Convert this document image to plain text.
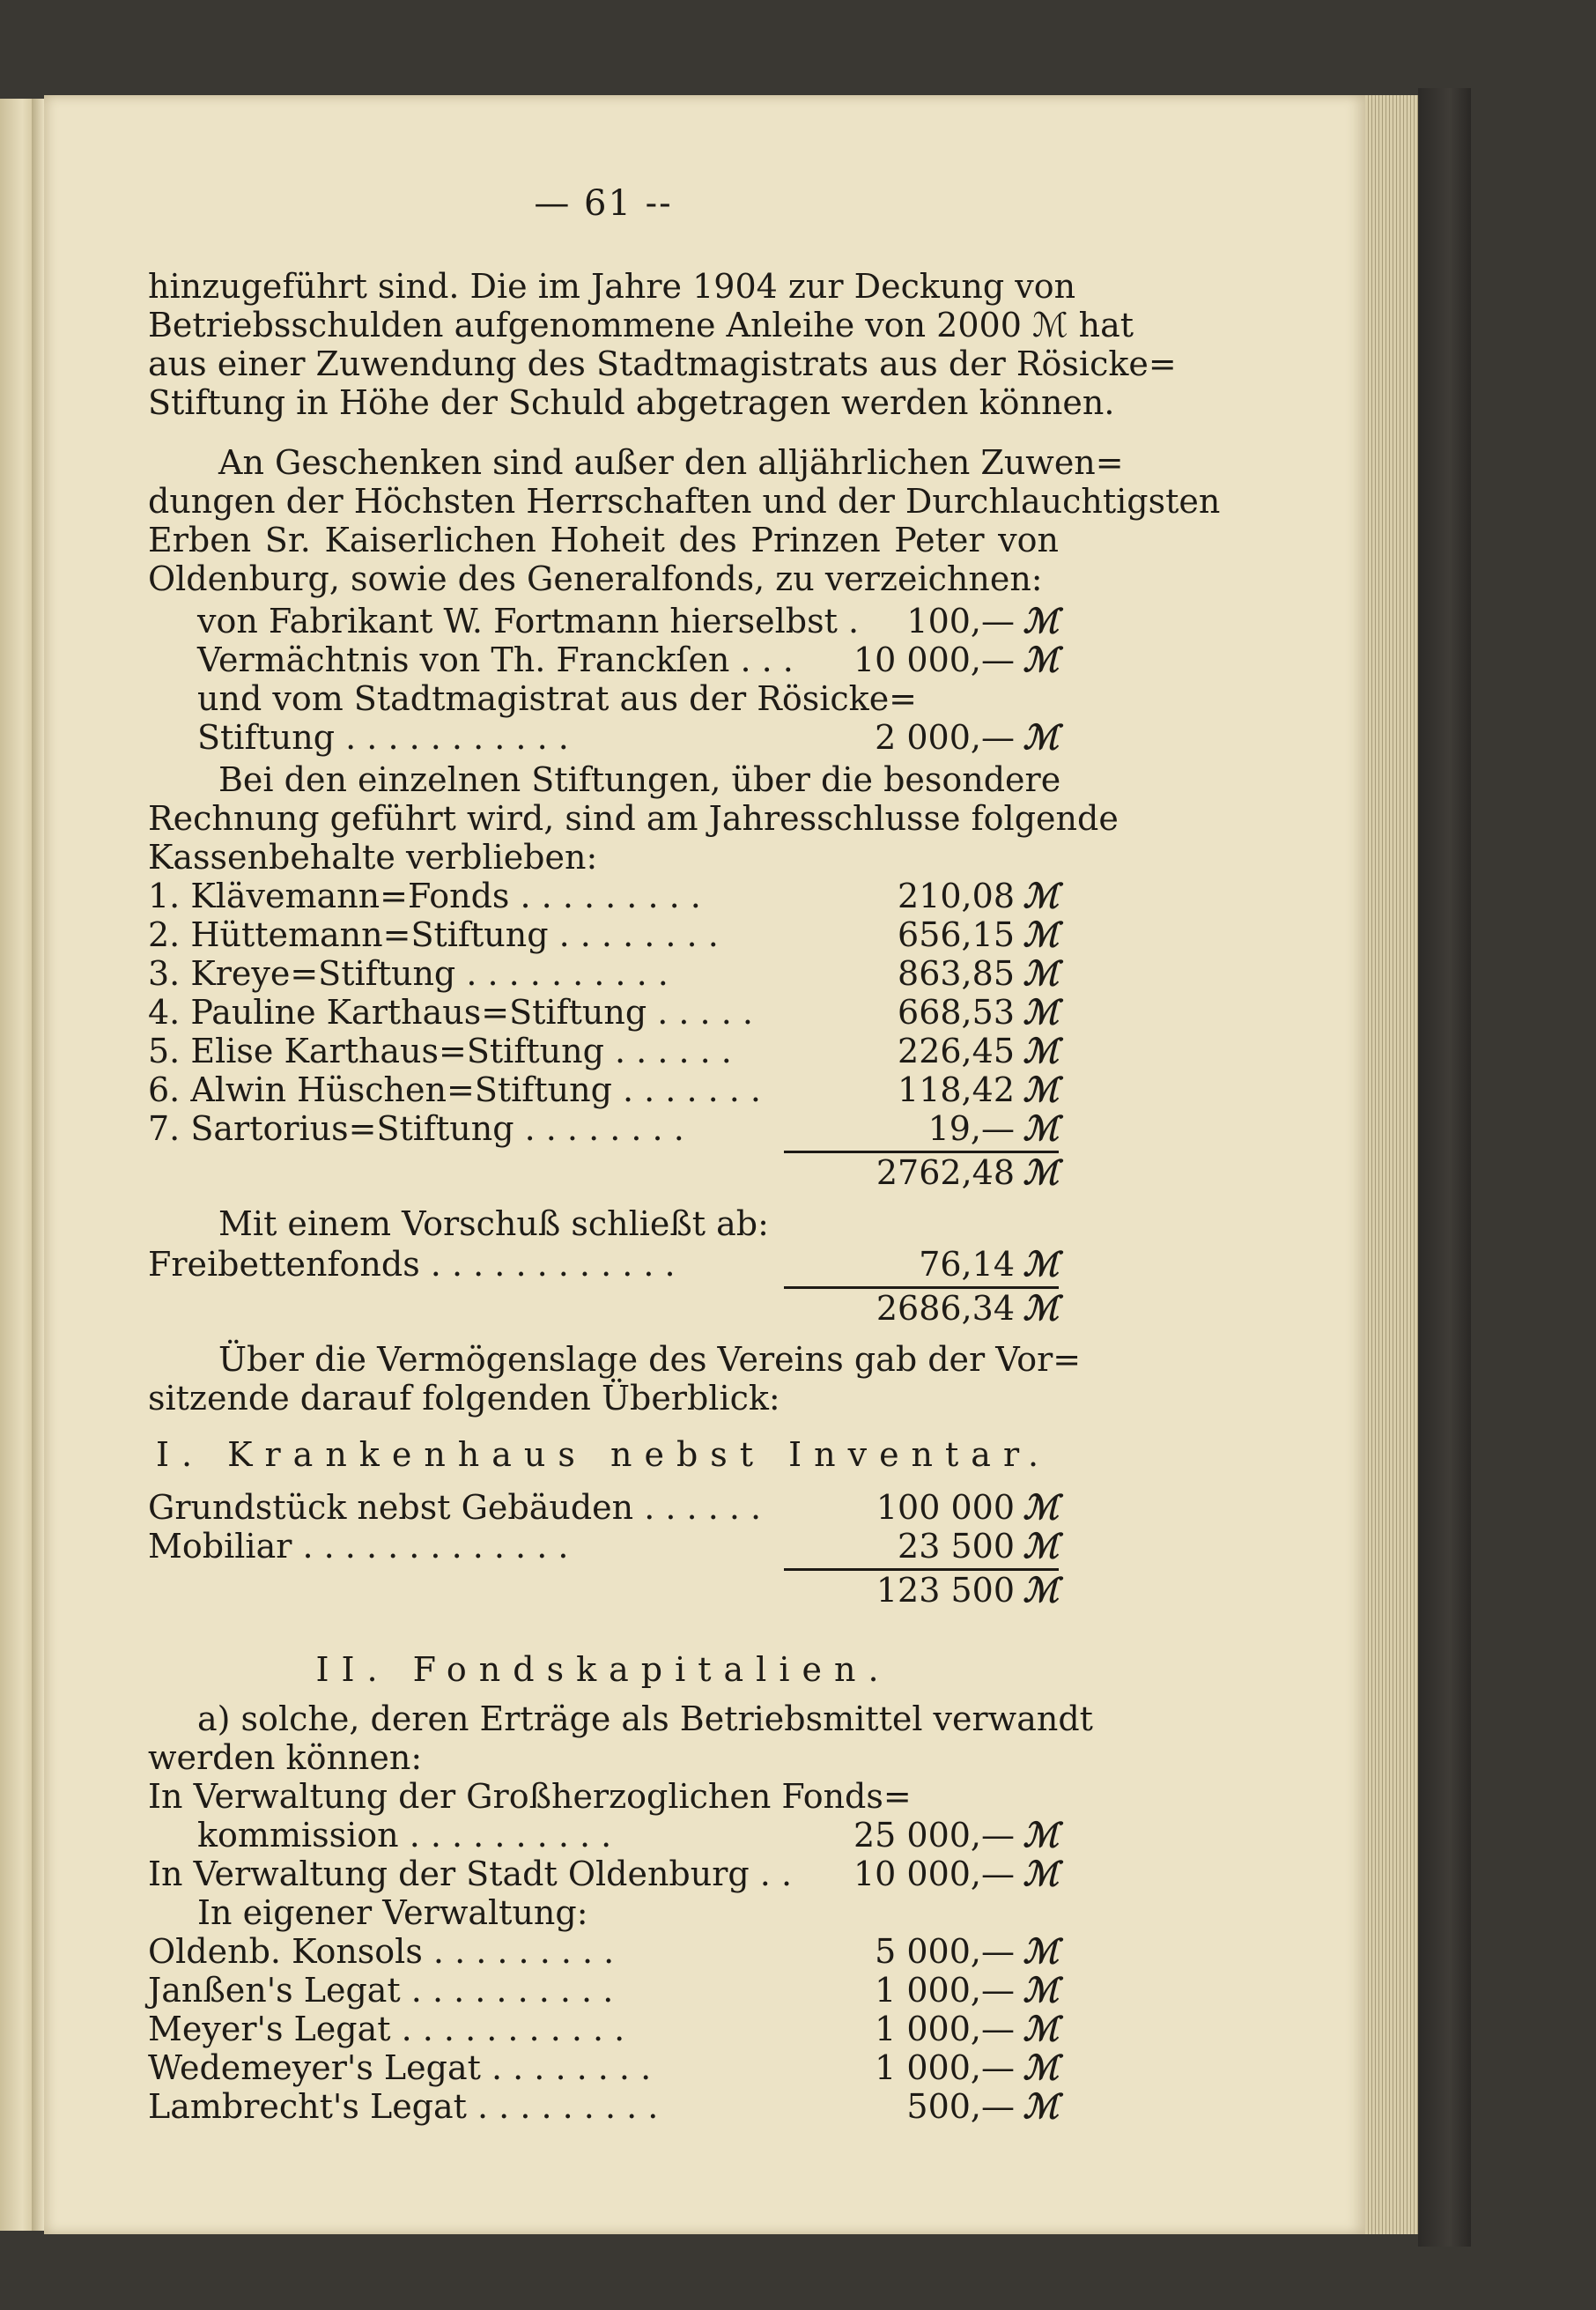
— 61 --
hinzugeführt sind. Die im Jahre 1904 zur Deckung von
Betriebsschulden aufgenommene Anleihe von 2000 ℳ hat
aus einer Zuwendung des Stadtmagistrats aus der Rösicke=
Stiftung in Höhe der Schuld abgetragen werden können.
An Geschenken sind außer den alljährlichen Zuwen=
dungen der Höchsten Herrschaften und der Durchlauchtigsten
Erben Sr. Kaiserlichen Hoheit des Prinzen Peter von
Oldenburg, sowie des Generalfonds, zu verzeichnen:
von Fabrikant W. Fortmann hierselbst . 100,— ℳ
Vermächtnis von Th. Franckſen . . . 10 000,— ℳ
und vom Stadtmagistrat aus der Rösicke=
Stiftung . . . . . . . . . . .	2 000,— ℳ
Bei den einzelnen Stiftungen, über die besondere
Rechnung geführt wird, sind am Jahresschlusse folgende
Kassenbehalte verblieben:
1. Klävemann=Fonds . . . . . . . . .	210,08 ℳ
2. Hüttemann=Stiftung . . . . . . . .	656,15 ℳ
3. Kreye=Stiftung . . . . . . . . . .	863,85 ℳ
4. Pauline Karthaus=Stiftung . . . . .	668,53 ℳ
5. Elise Karthaus=Stiftung . . . . . .	226,45 ℳ
6. Alwin Hüschen=Stiftung . . . . . . .	118,42 ℳ
7. Sartorius=Stiftung . . . . . . . .	19,— ℳ
2762,48 ℳ
Mit einem Vorschuß schließt ab:
Freibettenfonds . . . . . . . . . . . .	76,14 ℳ
2686,34 ℳ
Über die Vermögenslage des Vereins gab der Vor=
sitzende darauf folgenden Überblick:
I. Krankenhaus nebst Inventar.
Grundstück nebst Gebäuden . . . . . .	100 000 ℳ
Mobiliar . . . . . . . . . . . . .	23 500 ℳ
123 500 ℳ
II. Fondskapitalien.
a) solche, deren Erträge als Betriebsmittel verwandt
werden können:
In Verwaltung der Großherzoglichen Fonds=
kommission . . . . . . . . . .	25 000,— ℳ
In Verwaltung der Stadt Oldenburg . . 10 000,— ℳ
In eigener Verwaltung:
Oldenb. Konsols . . . . . . . . .	5 000,— ℳ
Janßen's Legat . . . . . . . . . .	1 000,— ℳ
Meyer's Legat . . . . . . . . . . .	1 000,— ℳ
Wedemeyer's Legat . . . . . . . .	1 000,— ℳ
Lambrecht's Legat . . . . . . . . .	500,— ℳ
